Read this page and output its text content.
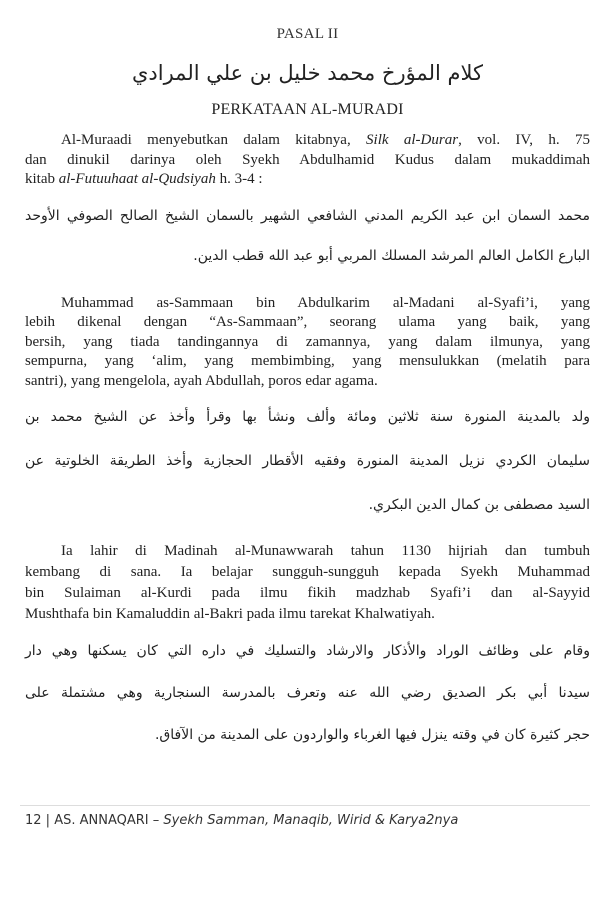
PASAL II
كلام المؤرخ محمد خليل بن علي المرادي
PERKATAAN AL-MURADI
Al-Muraadi menyebutkan dalam kitabnya, Silk al-Durar, vol. IV, h. 75
dan dinukil darinya oleh Syekh Abdulhamid Kudus dalam mukaddimah
kitab al-Futuuhaat al-Qudsiyah h. 3-4 :
محمد السمان ابن عبد الكريم المدني الشافعي الشهير بالسمان الشيخ الصالح الصوفي الأوحد
البارع الكامل العالم المرشد المسلك المربي أبو عبد الله قطب الدين.
Muhammad as-Sammaan bin Abdulkarim al-Madani al-Syafi’i, yang
lebih dikenal dengan “As-Sammaan”, seorang ulama yang baik, yang
bersih, yang tiada tandingannya di zamannya, yang dalam ilmunya, yang
sempurna, yang ‘alim, yang membimbing, yang mensulukkan (melatih para
santri), yang mengelola, ayah Abdullah, poros edar agama.
ولد بالمدينة المنورة سنة ثلاثين ومائة وألف ونشأ بها وقرأ وأخذ عن الشيخ محمد بن
سليمان الكردي نزيل المدينة المنورة وفقيه الأقطار الحجازية وأخذ الطريقة الخلوتية عن
السيد مصطفى بن كمال الدين البكري.
Ia lahir di Madinah al-Munawwarah tahun 1130 hijriah dan tumbuh
kembang di sana. Ia belajar sungguh-sungguh kepada Syekh Muhammad
bin Sulaiman al-Kurdi pada ilmu fikih madzhab Syafi’i dan al-Sayyid
Mushthafa bin Kamaluddin al-Bakri pada ilmu tarekat Khalwatiyah.
وقام على وظائف الوراد والأذكار والارشاد والتسليك في داره التي كان يسكنها وهي دار
سيدنا أبي بكر الصديق رضي الله عنه وتعرف بالمدرسة السنجارية وهي مشتملة على
حجر كثيرة كان في وقته ينزل فيها الغرباء والواردون على المدينة من الآفاق.
12 | AS. ANNAQARI – Syekh Samman, Manaqib, Wirid & Karya2nya
